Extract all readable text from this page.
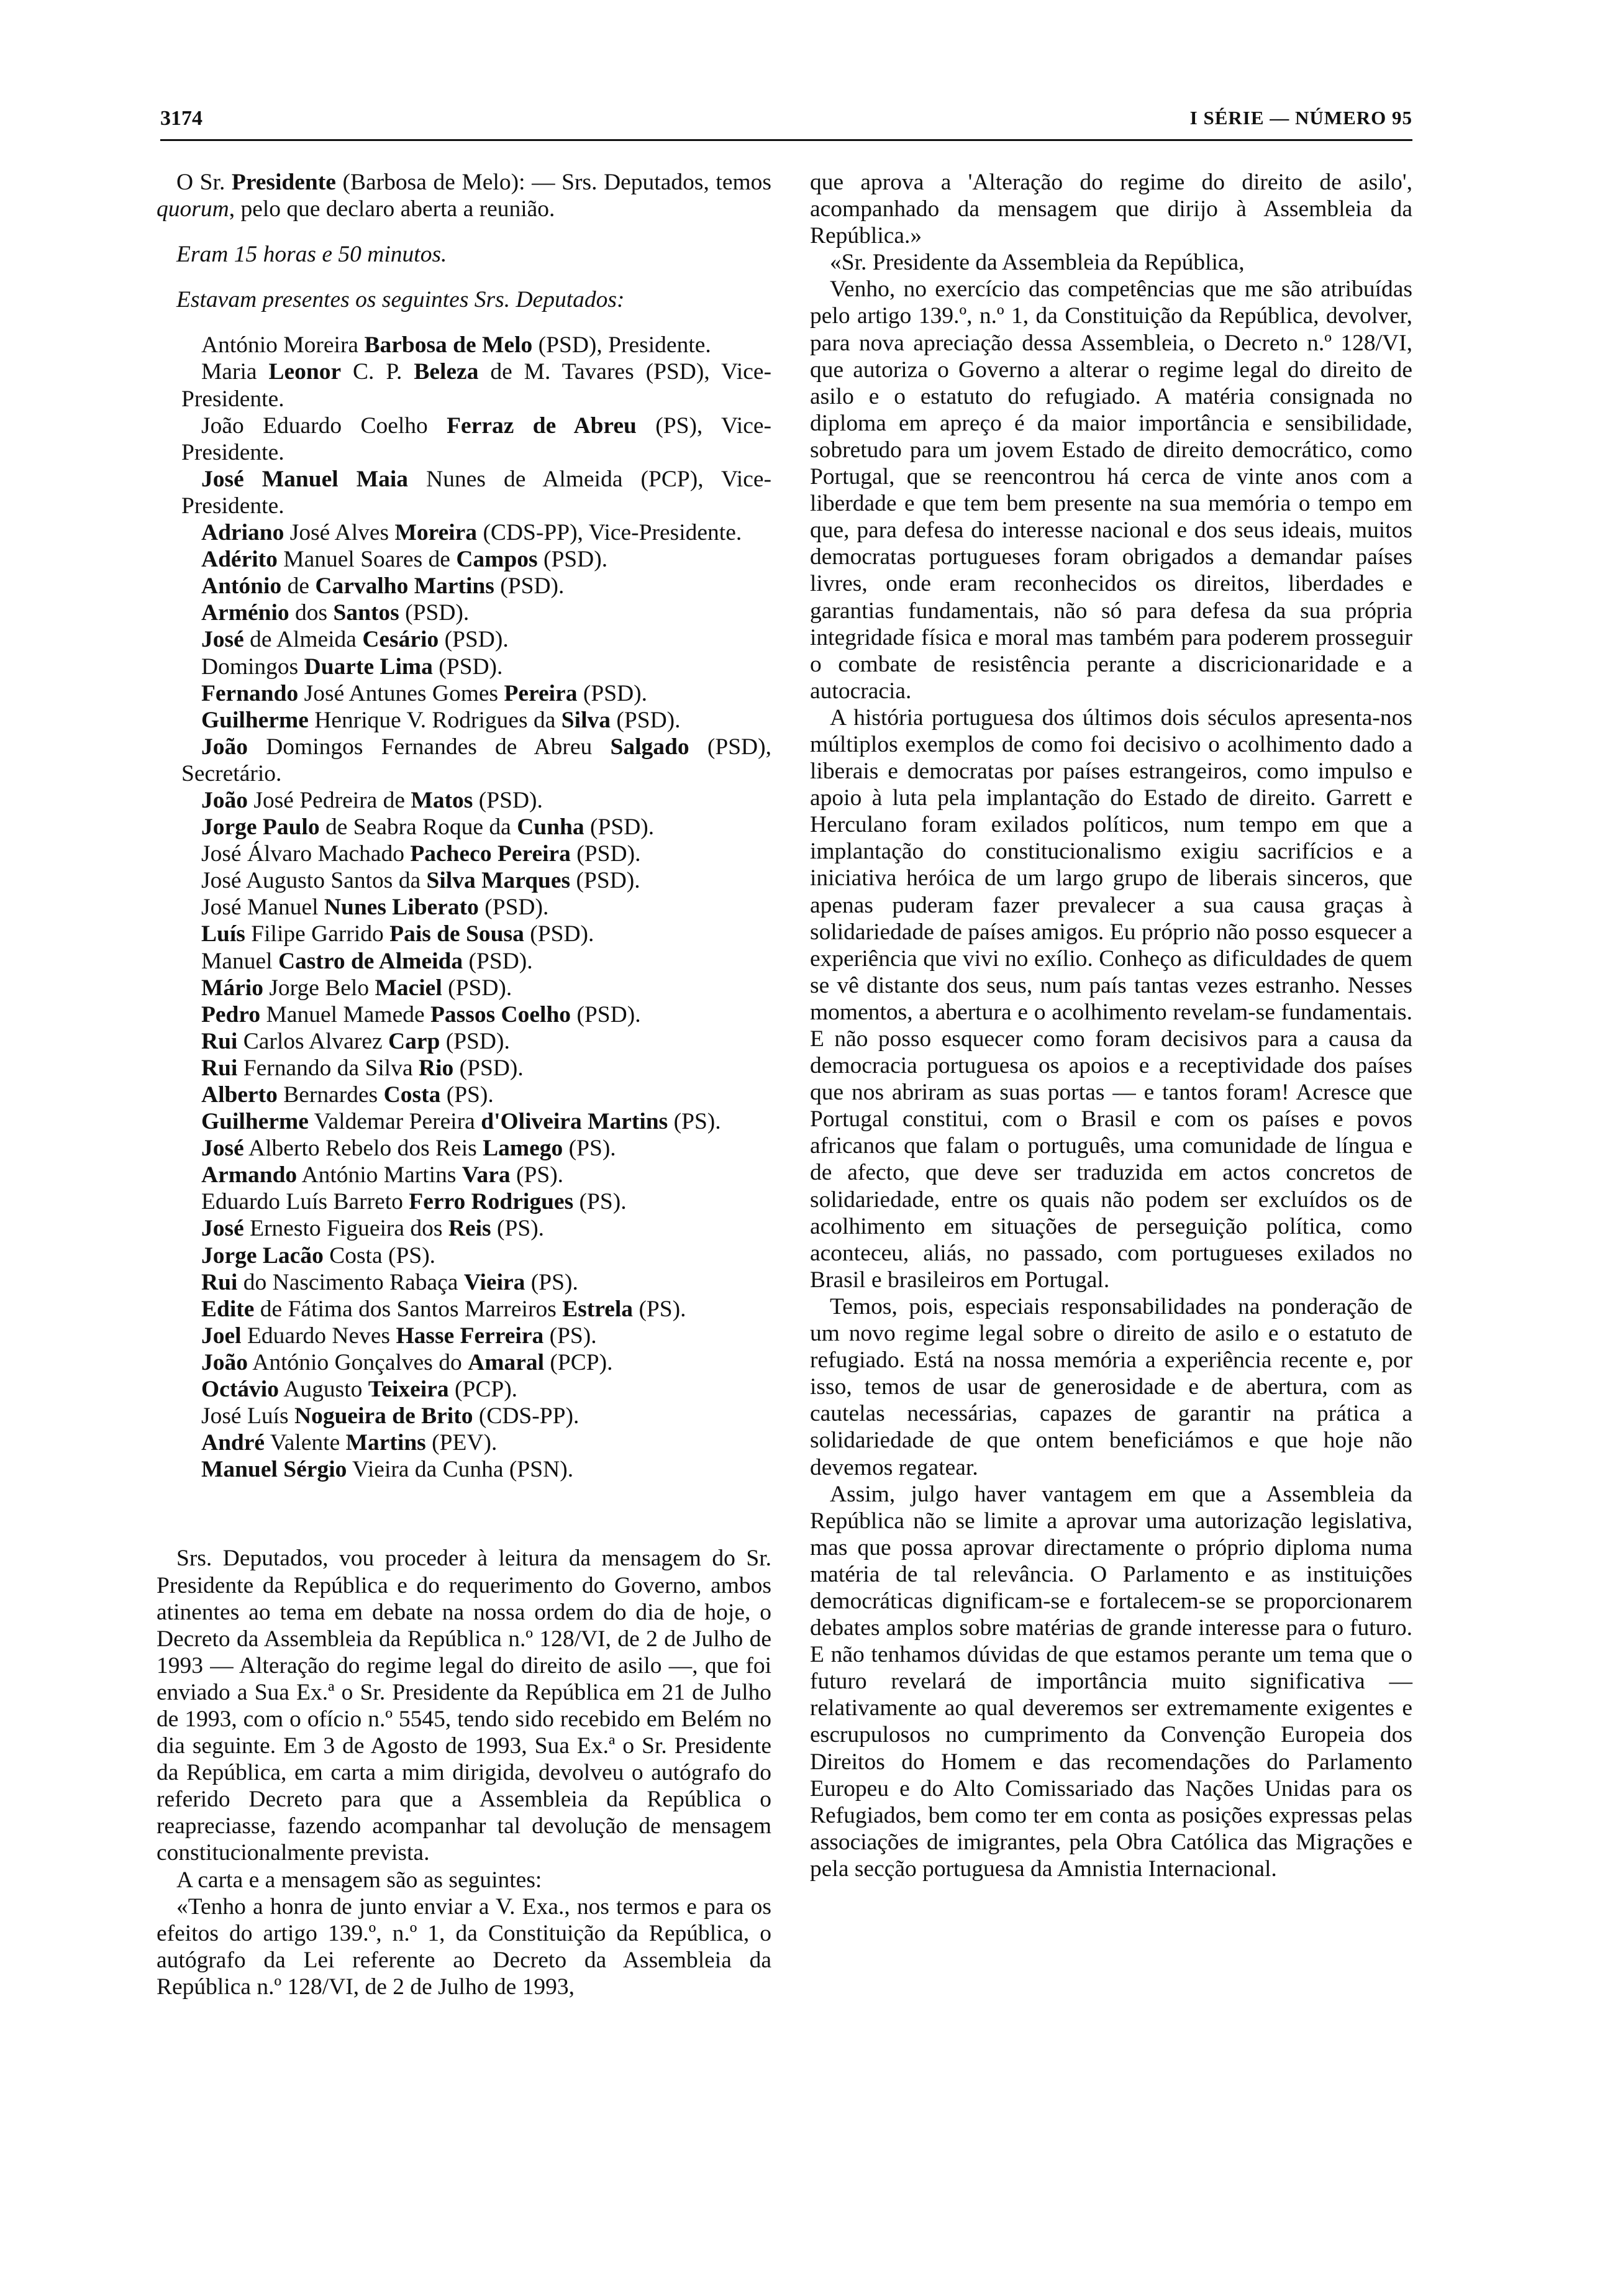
3174	I SÉRIE — NÚMERO 95

O Sr. Presidente (Barbosa de Melo): — Srs. Deputados, temos quorum, pelo que declaro aberta a reunião.

Eram 15 horas e 50 minutos.

Estavam presentes os seguintes Srs. Deputados:

António Moreira Barbosa de Melo (PSD), Presidente.

Maria Leonor C. P. Beleza de M. Tavares (PSD), Vice-Presidente.

João Eduardo Coelho Ferraz de Abreu (PS), Vice-Presidente.

José Manuel Maia Nunes de Almeida (PCP), Vice-Presidente.

Adriano José Alves Moreira (CDS-PP), Vice-Presidente.

Adérito Manuel Soares de Campos (PSD).

António de Carvalho Martins (PSD).

Arménio dos Santos (PSD).

José de Almeida Cesário (PSD).

Domingos Duarte Lima (PSD).

Fernando José Antunes Gomes Pereira (PSD).

Guilherme Henrique V. Rodrigues da Silva (PSD).

João Domingos Fernandes de Abreu Salgado (PSD), Secretário.

João José Pedreira de Matos (PSD).

Jorge Paulo de Seabra Roque da Cunha (PSD).

José Álvaro Machado Pacheco Pereira (PSD).

José Augusto Santos da Silva Marques (PSD).

José Manuel Nunes Liberato (PSD).

Luís Filipe Garrido Pais de Sousa (PSD).

Manuel Castro de Almeida (PSD).

Mário Jorge Belo Maciel (PSD).

Pedro Manuel Mamede Passos Coelho (PSD).

Rui Carlos Alvarez Carp (PSD).

Rui Fernando da Silva Rio (PSD).

Alberto Bernardes Costa (PS).

Guilherme Valdemar Pereira d'Oliveira Martins (PS).

José Alberto Rebelo dos Reis Lamego (PS).

Armando António Martins Vara (PS).

Eduardo Luís Barreto Ferro Rodrigues (PS).

José Ernesto Figueira dos Reis (PS).

Jorge Lacão Costa (PS).

Rui do Nascimento Rabaça Vieira (PS).

Edite de Fátima dos Santos Marreiros Estrela (PS).

Joel Eduardo Neves Hasse Ferreira (PS).

João António Gonçalves do Amaral (PCP).

Octávio Augusto Teixeira (PCP).

José Luís Nogueira de Brito (CDS-PP).

André Valente Martins (PEV).

Manuel Sérgio Vieira da Cunha (PSN).

Srs. Deputados, vou proceder à leitura da mensagem do Sr. Presidente da República e do requerimento do Governo, ambos atinentes ao tema em debate na nossa ordem do dia de hoje, o Decreto da Assembleia da República n.º 128/VI, de 2 de Julho de 1993 — Alteração do regime legal do direito de asilo —, que foi enviado a Sua Ex.ª o Sr. Presidente da República em 21 de Julho de 1993, com o ofício n.º 5545, tendo sido recebido em Belém no dia seguinte. Em 3 de Agosto de 1993, Sua Ex.ª o Sr. Presidente da República, em carta a mim dirigida, devolveu o autógrafo do referido Decreto para que a Assembleia da República o reapreciasse, fazendo acompanhar tal devolução de mensagem constitucionalmente prevista.

A carta e a mensagem são as seguintes:

«Tenho a honra de junto enviar a V. Exa., nos termos e para os efeitos do artigo 139.º, n.º 1, da Constituição da República, o autógrafo da Lei referente ao Decreto da Assembleia da República n.º 128/VI, de 2 de Julho de 1993,

que aprova a 'Alteração do regime do direito de asilo', acompanhado da mensagem que dirijo à Assembleia da República.»

«Sr. Presidente da Assembleia da República,

Venho, no exercício das competências que me são atribuídas pelo artigo 139.º, n.º 1, da Constituição da República, devolver, para nova apreciação dessa Assembleia, o Decreto n.º 128/VI, que autoriza o Governo a alterar o regime legal do direito de asilo e o estatuto do refugiado. A matéria consignada no diploma em apreço é da maior importância e sensibilidade, sobretudo para um jovem Estado de direito democrático, como Portugal, que se reencontrou há cerca de vinte anos com a liberdade e que tem bem presente na sua memória o tempo em que, para defesa do interesse nacional e dos seus ideais, muitos democratas portugueses foram obrigados a demandar países livres, onde eram reconhecidos os direitos, liberdades e garantias fundamentais, não só para defesa da sua própria integridade física e moral mas também para poderem prosseguir o combate de resistência perante a discricionaridade e a autocracia.

A história portuguesa dos últimos dois séculos apresenta-nos múltiplos exemplos de como foi decisivo o acolhimento dado a liberais e democratas por países estrangeiros, como impulso e apoio à luta pela implantação do Estado de direito. Garrett e Herculano foram exilados políticos, num tempo em que a implantação do constitucionalismo exigiu sacrifícios e a iniciativa heróica de um largo grupo de liberais sinceros, que apenas puderam fazer prevalecer a sua causa graças à solidariedade de países amigos. Eu próprio não posso esquecer a experiência que vivi no exílio. Conheço as dificuldades de quem se vê distante dos seus, num país tantas vezes estranho. Nesses momentos, a abertura e o acolhimento revelam-se fundamentais. E não posso esquecer como foram decisivos para a causa da democracia portuguesa os apoios e a receptividade dos países que nos abriram as suas portas — e tantos foram! Acresce que Portugal constitui, com o Brasil e com os países e povos africanos que falam o português, uma comunidade de língua e de afecto, que deve ser traduzida em actos concretos de solidariedade, entre os quais não podem ser excluídos os de acolhimento em situações de perseguição política, como aconteceu, aliás, no passado, com portugueses exilados no Brasil e brasileiros em Portugal.

Temos, pois, especiais responsabilidades na ponderação de um novo regime legal sobre o direito de asilo e o estatuto de refugiado. Está na nossa memória a experiência recente e, por isso, temos de usar de generosidade e de abertura, com as cautelas necessárias, capazes de garantir na prática a solidariedade de que ontem beneficiámos e que hoje não devemos regatear.

Assim, julgo haver vantagem em que a Assembleia da República não se limite a aprovar uma autorização legislativa, mas que possa aprovar directamente o próprio diploma numa matéria de tal relevância. O Parlamento e as instituições democráticas dignificam-se e fortalecem-se se proporcionarem debates amplos sobre matérias de grande interesse para o futuro. E não tenhamos dúvidas de que estamos perante um tema que o futuro revelará de importância muito significativa — relativamente ao qual deveremos ser extremamente exigentes e escrupulosos no cumprimento da Convenção Europeia dos Direitos do Homem e das recomendações do Parlamento Europeu e do Alto Comissariado das Nações Unidas para os Refugiados, bem como ter em conta as posições expressas pelas associações de imigrantes, pela Obra Católica das Migrações e pela secção portuguesa da Amnistia Internacional.
